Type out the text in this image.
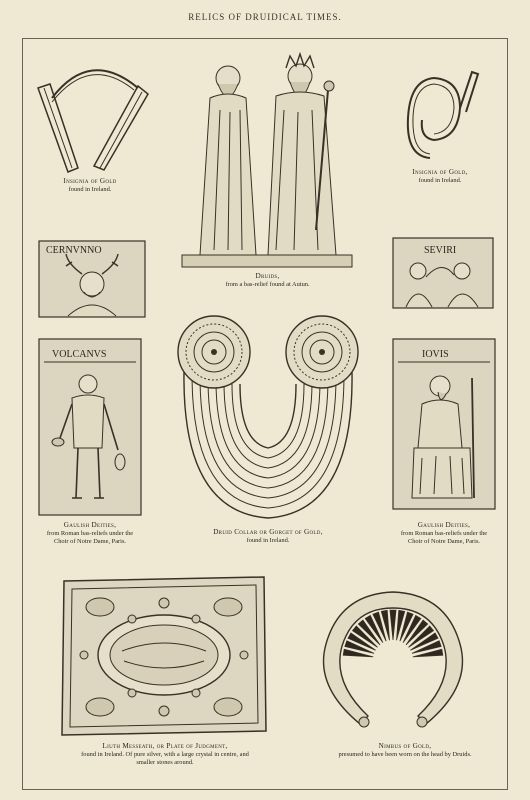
RELICS OF DRUIDICAL TIMES.
Insignia of Gold
found in Ireland.
Druids,
from a bas-relief found at Autun.
Insignia of Gold,
found in Ireland.
CERNVNNO	SEVIRI
VOLCANVS
Gaulish Deities,
from Roman bas-reliefs under the
Choir of Notre Dame, Paris.
Druid Collar or Gorget of Gold,
found in Ireland.
IOVIS
Gaulish Deities,
from Roman bas-reliefs under the
Choir of Notre Dame, Paris.
Liuth Messeath, or Plate of Judgment,
found in Ireland. Of pure silver, with a large crystal in centre, and
smaller stones around.
Nimbus of Gold,
presumed to have been worn on the head by Druids.
